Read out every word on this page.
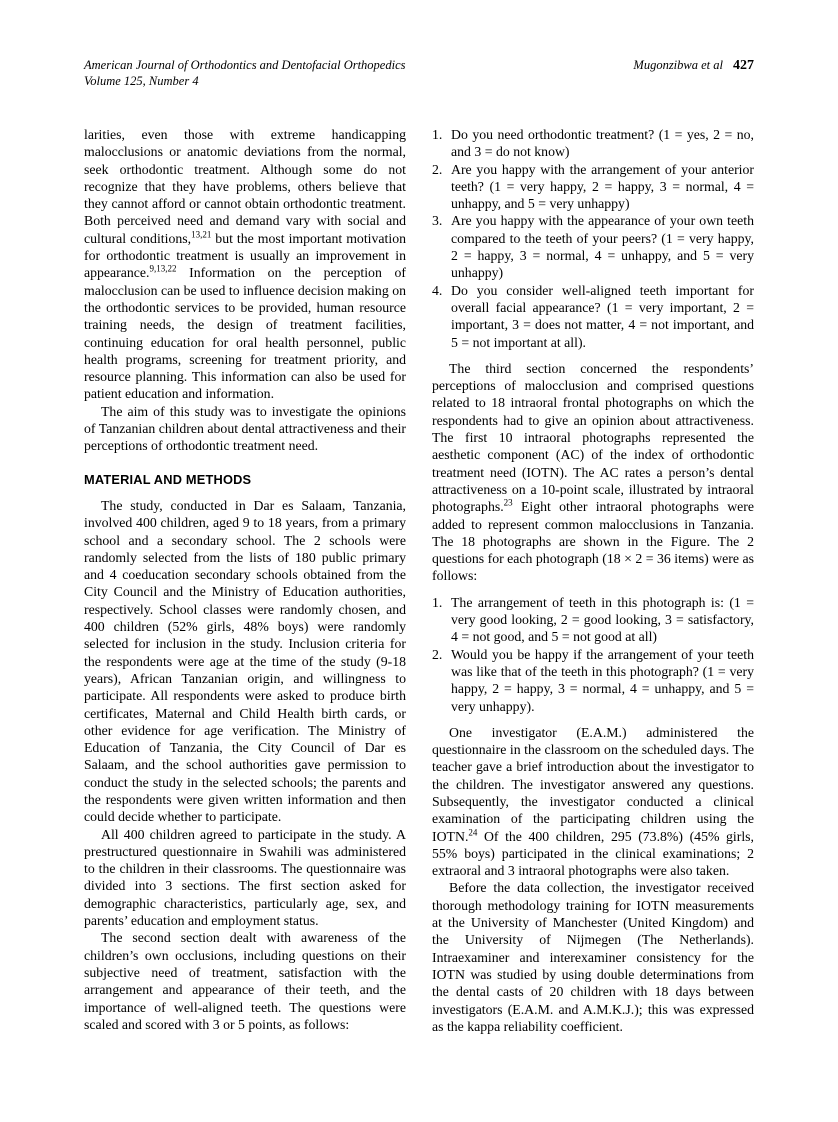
American Journal of Orthodontics and Dentofacial Orthopedics
Volume 125, Number 4
Mugonzibwa et al 427

larities, even those with extreme handicapping malocclusions or anatomic deviations from the normal, seek orthodontic treatment. Although some do not recognize that they have problems, others believe that they cannot afford or cannot obtain orthodontic treatment. Both perceived need and demand vary with social and cultural conditions,$^{13,21}$ but the most important motivation for orthodontic treatment is usually an improvement in appearance.$^{9,13,22}$ Information on the perception of malocclusion can be used to influence decision making on the orthodontic services to be provided, human resource training needs, the design of treatment facilities, continuing education for oral health personnel, public health programs, screening for treatment priority, and resource planning. This information can also be used for patient education and information.

The aim of this study was to investigate the opinions of Tanzanian children about dental attractiveness and their perceptions of orthodontic treatment need.

MATERIAL AND METHODS

The study, conducted in Dar es Salaam, Tanzania, involved 400 children, aged 9 to 18 years, from a primary school and a secondary school. The 2 schools were randomly selected from the lists of 180 public primary and 4 coeducation secondary schools obtained from the City Council and the Ministry of Education authorities, respectively. School classes were randomly chosen, and 400 children (52% girls, 48% boys) were randomly selected for inclusion in the study. Inclusion criteria for the respondents were age at the time of the study (9-18 years), African Tanzanian origin, and willingness to participate. All respondents were asked to produce birth certificates, Maternal and Child Health birth cards, or other evidence for age verification. The Ministry of Education of Tanzania, the City Council of Dar es Salaam, and the school authorities gave permission to conduct the study in the selected schools; the parents and the respondents were given written information and then could decide whether to participate.

All 400 children agreed to participate in the study. A prestructured questionnaire in Swahili was administered to the children in their classrooms. The questionnaire was divided into 3 sections. The first section asked for demographic characteristics, particularly age, sex, and parents’ education and employment status.

The second section dealt with awareness of the children’s own occlusions, including questions on their subjective need of treatment, satisfaction with the arrangement and appearance of their teeth, and the importance of well-aligned teeth. The questions were scaled and scored with 3 or 5 points, as follows:

1. Do you need orthodontic treatment? (1 = yes, 2 = no, and 3 = do not know)
2. Are you happy with the arrangement of your anterior teeth? (1 = very happy, 2 = happy, 3 = normal, 4 = unhappy, and 5 = very unhappy)
3. Are you happy with the appearance of your own teeth compared to the teeth of your peers? (1 = very happy, 2 = happy, 3 = normal, 4 = unhappy, and 5 = very unhappy)
4. Do you consider well-aligned teeth important for overall facial appearance? (1 = very important, 2 = important, 3 = does not matter, 4 = not important, and 5 = not important at all).

The third section concerned the respondents’ perceptions of malocclusion and comprised questions related to 18 intraoral frontal photographs on which the respondents had to give an opinion about attractiveness. The first 10 intraoral photographs represented the aesthetic component (AC) of the index of orthodontic treatment need (IOTN). The AC rates a person’s dental attractiveness on a 10-point scale, illustrated by intraoral photographs.$^{23}$ Eight other intraoral photographs were added to represent common malocclusions in Tanzania. The 18 photographs are shown in the Figure. The 2 questions for each photograph (18 × 2 = 36 items) were as follows:

1. The arrangement of teeth in this photograph is: (1 = very good looking, 2 = good looking, 3 = satisfactory, 4 = not good, and 5 = not good at all)
2. Would you be happy if the arrangement of your teeth was like that of the teeth in this photograph? (1 = very happy, 2 = happy, 3 = normal, 4 = unhappy, and 5 = very unhappy).

One investigator (E.A.M.) administered the questionnaire in the classroom on the scheduled days. The teacher gave a brief introduction about the investigator to the children. The investigator answered any questions. Subsequently, the investigator conducted a clinical examination of the participating children using the IOTN.$^{24}$ Of the 400 children, 295 (73.8%) (45% girls, 55% boys) participated in the clinical examinations; 2 extraoral and 3 intraoral photographs were also taken.

Before the data collection, the investigator received thorough methodology training for IOTN measurements at the University of Manchester (United Kingdom) and the University of Nijmegen (The Netherlands). Intraexaminer and interexaminer consistency for the IOTN was studied by using double determinations from the dental casts of 20 children with 18 days between investigators (E.A.M. and A.M.K.J.); this was expressed as the kappa reliability coefficient.
